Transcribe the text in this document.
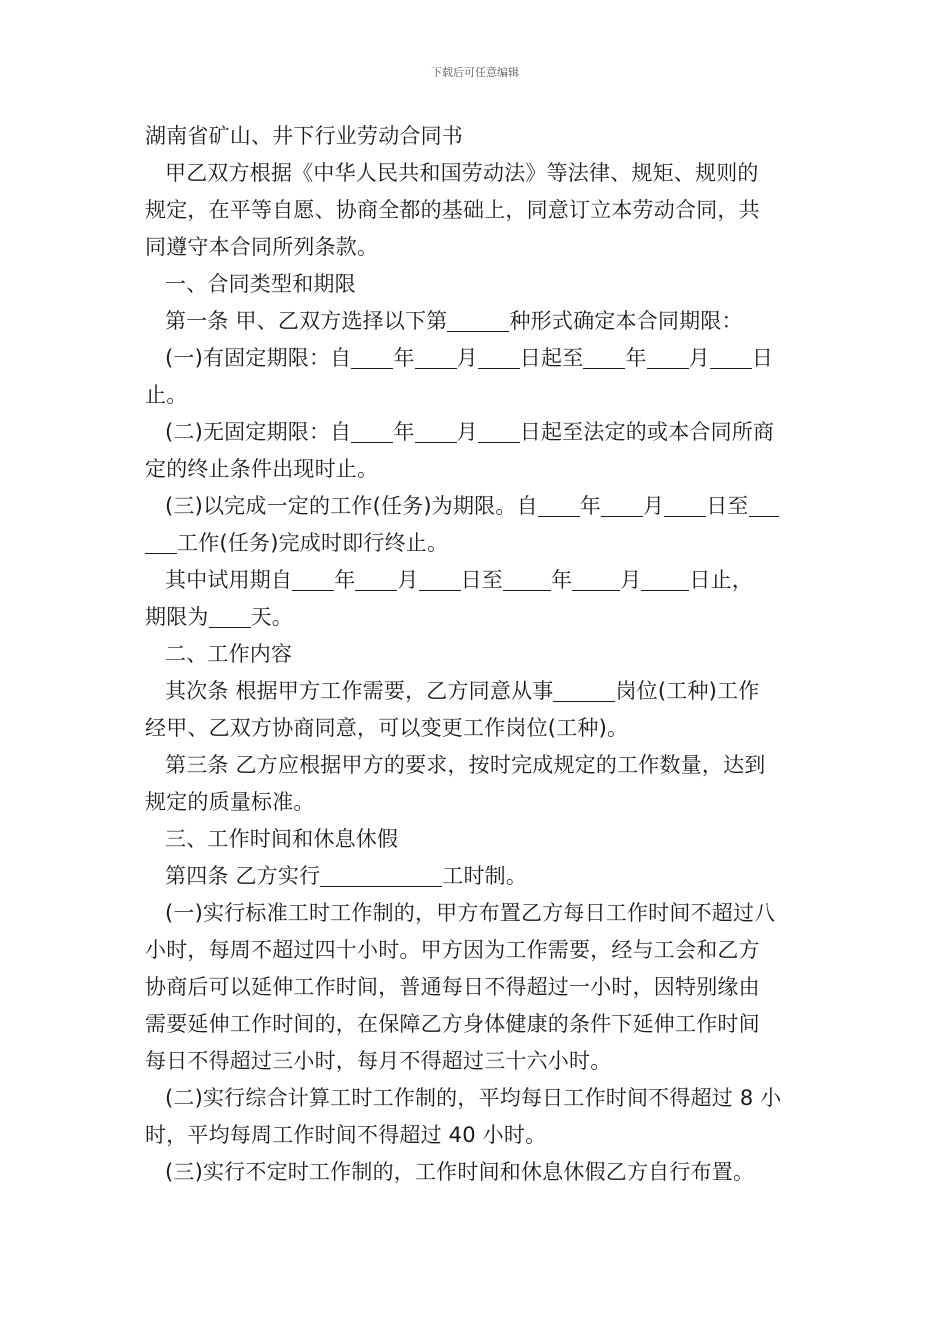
下载后可任意编辑
湖南省矿山、井下行业劳动合同书
甲乙双方根据《中华人民共和国劳动法》等法律、规矩、规则的
规定，在平等自愿、协商全都的基础上，同意订立本劳动合同，共
同遵守本合同所列条款。
一、合同类型和期限
第一条 甲、乙双方选择以下第	种形式确定本合同期限：
(一)有固定期限：自 年 月 日起至 年 月 日
止。
(二)无固定期限：自 年 月 日起至法定的或本合同所商
定的终止条件出现时止。
(三)以完成一定的工作(任务)为期限。自 年 月 日至
工作(任务)完成时即行终止。
其中试用期自 年 月 日至 年 月 日止，
期限为 天。
二、工作内容
其次条 根据甲方工作需要，乙方同意从事	岗位(工种)工作
经甲、乙双方协商同意，可以变更工作岗位(工种)。
第三条 乙方应根据甲方的要求，按时完成规定的工作数量，达到
规定的质量标准。
三、工作时间和休息休假
第四条 乙方实行	工时制。
(一)实行标准工时工作制的，甲方布置乙方每日工作时间不超过八
小时，每周不超过四十小时。甲方因为工作需要，经与工会和乙方
协商后可以延伸工作时间，普通每日不得超过一小时，因特别缘由
需要延伸工作时间的，在保障乙方身体健康的条件下延伸工作时间
每日不得超过三小时，每月不得超过三十六小时。
(二)实行综合计算工时工作制的，平均每日工作时间不得超过 8 小
时，平均每周工作时间不得超过 40 小时。
(三)实行不定时工作制的，工作时间和休息休假乙方自行布置。
